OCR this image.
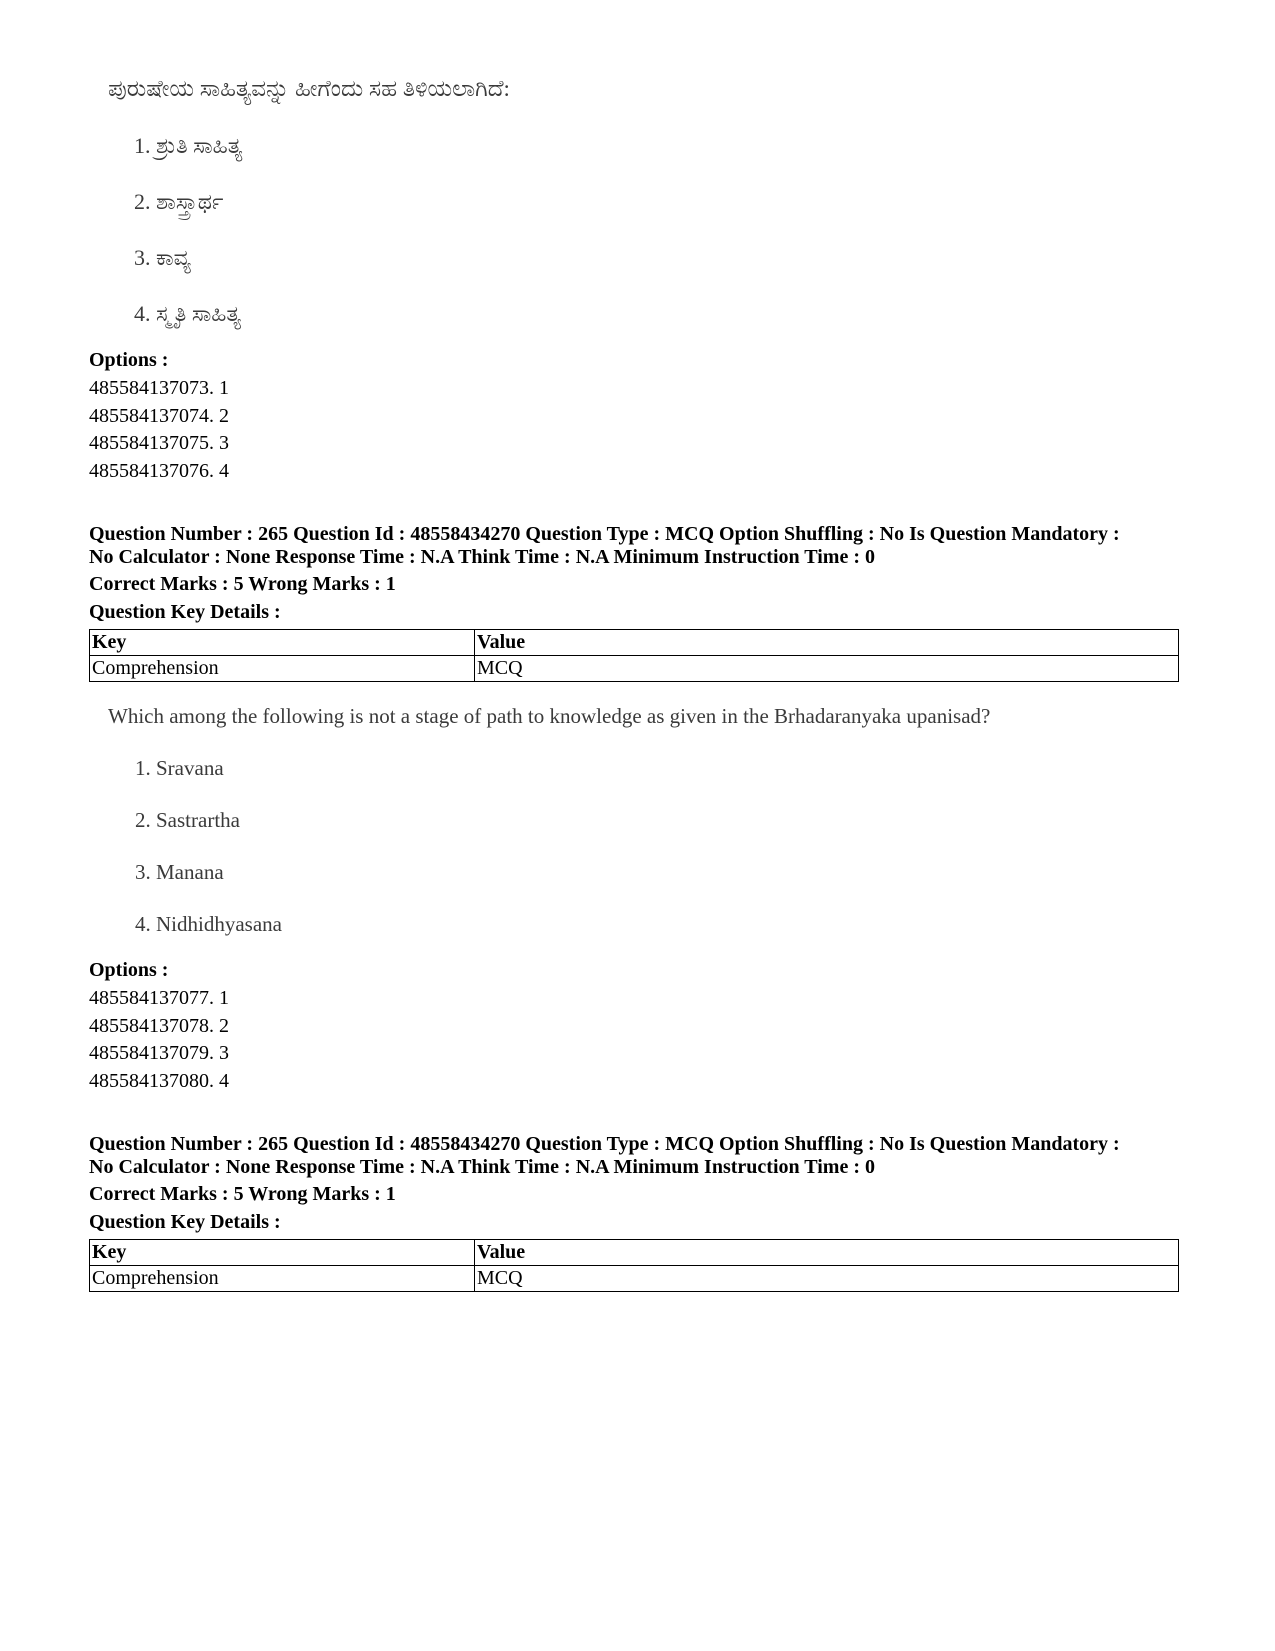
ಪುರುಷೇಯ ಸಾಹಿತ್ಯವನ್ನು ಹೀಗೆಂದು ಸಹ ತಿಳಿಯಲಾಗಿದೆ:
1. ಶ್ರುತಿ ಸಾಹಿತ್ಯ
2. ಶಾಸ್ತ್ರಾರ್ಥ
3. ಕಾವ್ಯ
4. ಸ್ಮೃತಿ ಸಾಹಿತ್ಯ
Options :
485584137073. 1
485584137074. 2
485584137075. 3
485584137076. 4
Question Number : 265 Question Id : 48558434270 Question Type : MCQ Option Shuffling : No Is Question Mandatory :
No Calculator : None Response Time : N.A Think Time : N.A Minimum Instruction Time : 0
Correct Marks : 5 Wrong Marks : 1
Question Key Details :
Key	Value
Comprehension	MCQ
Which among the following is not a stage of path to knowledge as given in the Brhadaranyaka upanisad?
1. Sravana
2. Sastrartha
3. Manana
4. Nidhidhyasana
Options :
485584137077. 1
485584137078. 2
485584137079. 3
485584137080. 4
Question Number : 265 Question Id : 48558434270 Question Type : MCQ Option Shuffling : No Is Question Mandatory :
No Calculator : None Response Time : N.A Think Time : N.A Minimum Instruction Time : 0
Correct Marks : 5 Wrong Marks : 1
Question Key Details :
Key	Value
Comprehension	MCQ
